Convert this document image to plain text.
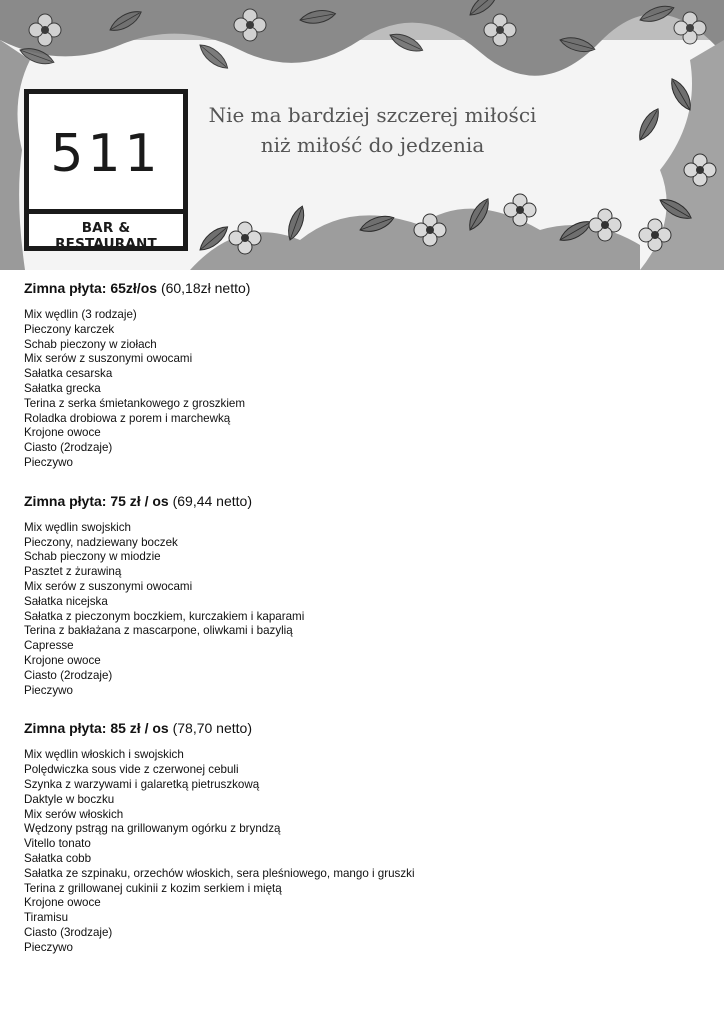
511
BAR & RESTAURANT
Nie ma bardziej szczerej miłości
niż miłość do jedzenia
Zimna płyta: 65zł/os (60,18zł netto)
Mix wędlin (3 rodzaje)
Pieczony karczek
Schab pieczony w ziołach
Mix serów z suszonymi owocami
Sałatka cesarska
Sałatka grecka
Terina z serka śmietankowego z groszkiem
Roladka drobiowa z porem i marchewką
Krojone owoce
Ciasto (2rodzaje)
Pieczywo
Zimna płyta: 75 zł / os (69,44 netto)
Mix wędlin swojskich
Pieczony, nadziewany boczek
Schab pieczony w miodzie
Pasztet z żurawiną
Mix serów z suszonymi owocami
Sałatka nicejska
Sałatka z pieczonym boczkiem, kurczakiem i kaparami
Terina z bakłażana z mascarpone, oliwkami i bazylią
Capresse
Krojone owoce
Ciasto (2rodzaje)
Pieczywo
Zimna płyta: 85 zł / os (78,70 netto)
Mix wędlin włoskich i swojskich
Polędwiczka sous vide z czerwonej cebuli
Szynka z warzywami i galaretką pietruszkową
Daktyle w boczku
Mix serów włoskich
Wędzony pstrąg na grillowanym ogórku z bryndzą
Vitello tonato
Sałatka cobb
Sałatka ze szpinaku, orzechów włoskich, sera pleśniowego, mango i gruszki
Terina z grillowanej cukinii z kozim serkiem i miętą
Krojone owoce
Tiramisu
Ciasto (3rodzaje)
Pieczywo
